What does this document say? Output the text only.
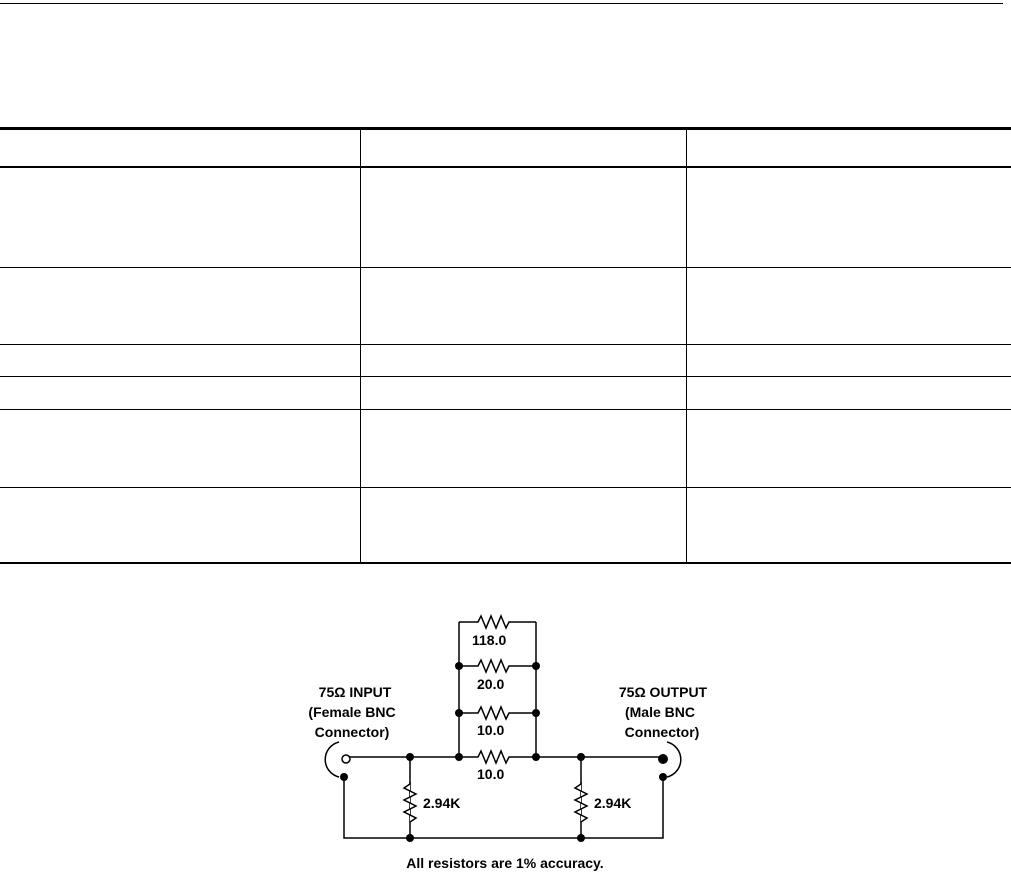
118.0
20.0
10.0
10.0
2.94K	2.94K
75Ω INPUT
(Female BNC
Connector)
75Ω OUTPUT
(Male BNC
Connector)
All resistors are 1% accuracy.
